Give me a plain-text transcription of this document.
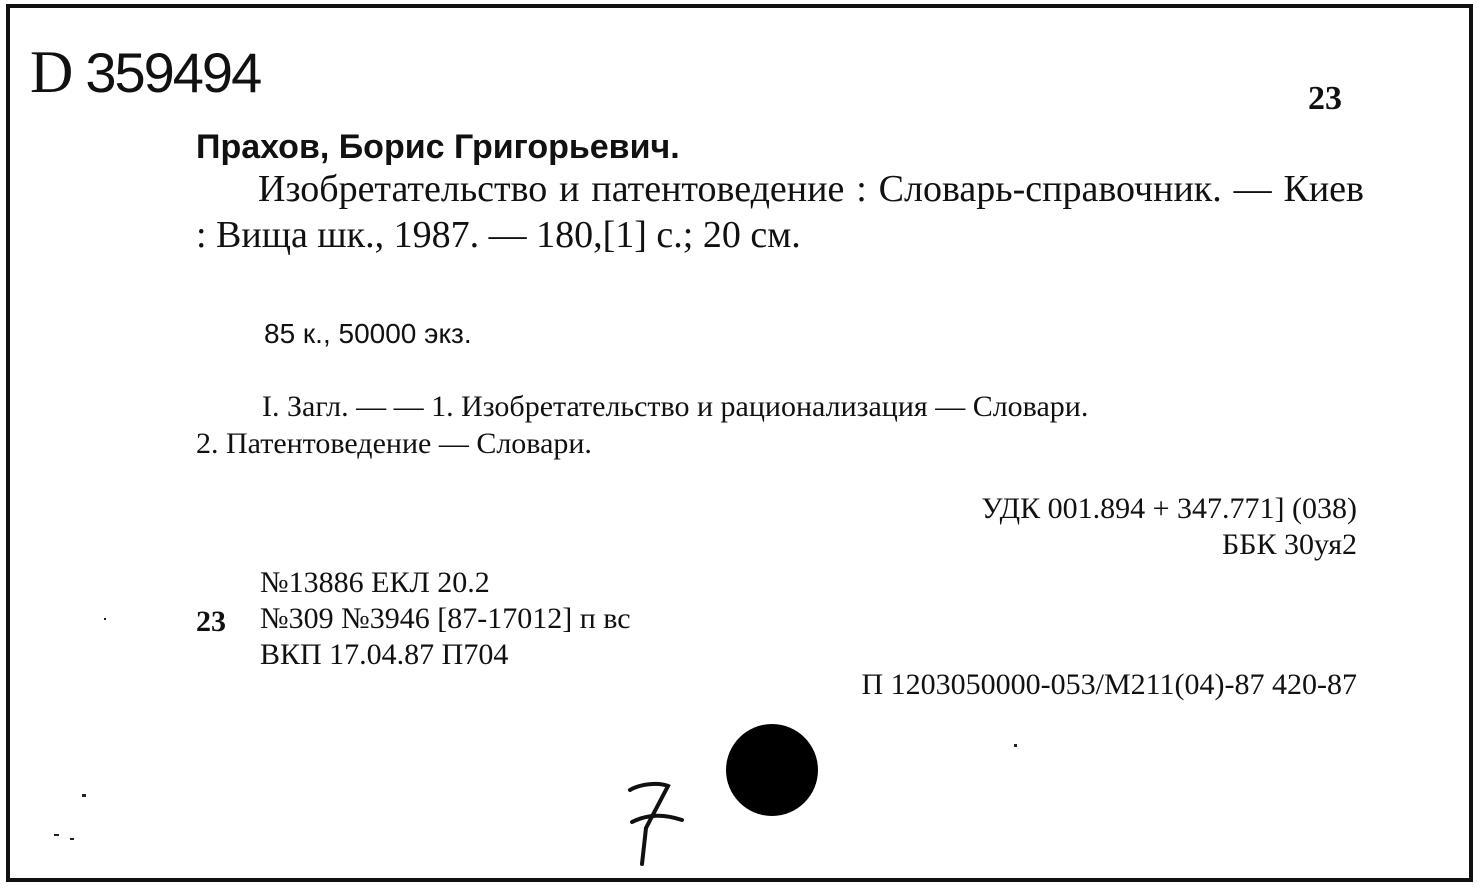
D 359494	23
Прахов, Борис Григорьевич.
Изобретательство и патентоведение : Словарь-справочник. — Киев : Вища шк., 1987. — 180,[1] с.; 20 см.
85 к., 50000 экз.
I. Загл. — — 1. Изобретательство и рационализация — Словари.
2. Патентоведение — Словари.
УДК 001.894 + 347.771] (038)
ББК 30уя2
23
№13886 ЕКЛ 20.2
№309 №3946 [87-17012] п вс
ВКП 17.04.87 П704
П 1203050000-053/М211(04)-87 420-87
